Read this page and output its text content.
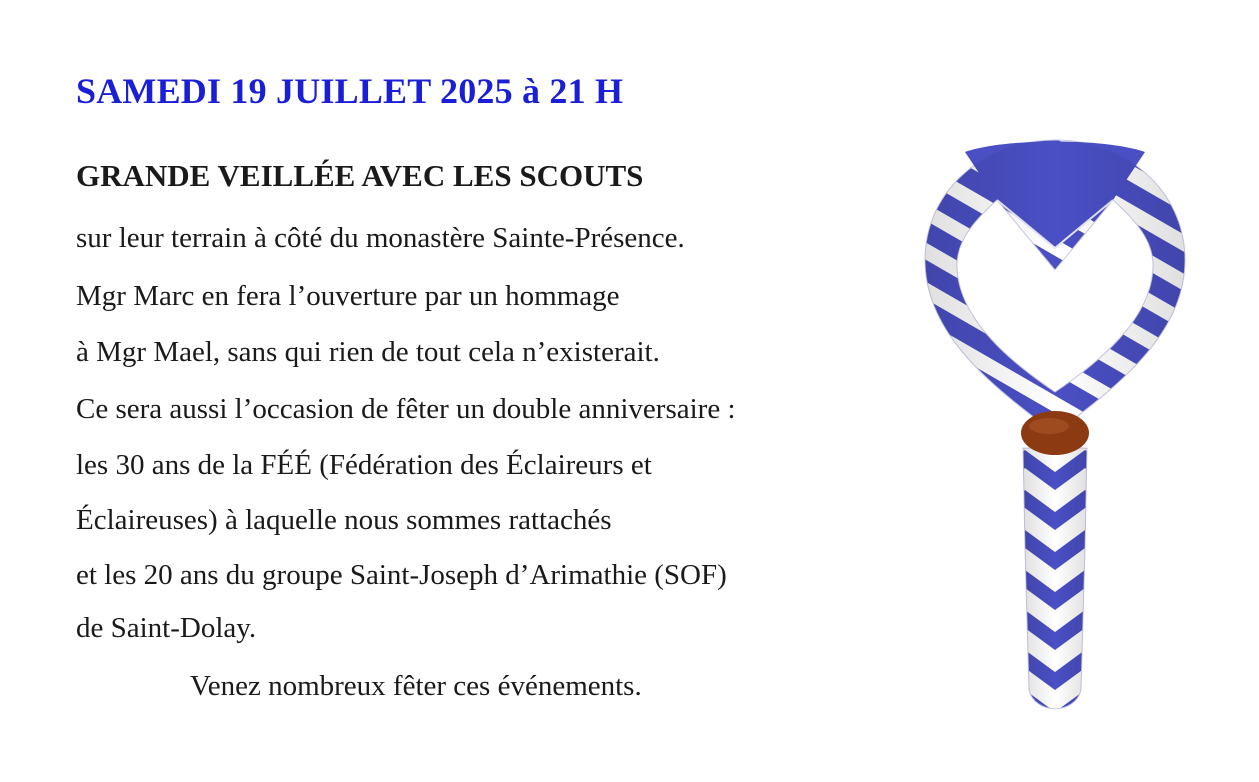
SAMEDI 19 JUILLET 2025 à 21 H
GRANDE VEILLÉE AVEC LES SCOUTS
sur leur terrain à côté du monastère Sainte-Présence.
Mgr Marc en fera l’ouverture par un hommage
à Mgr Mael, sans qui rien de tout cela n’existerait.
Ce sera aussi l’occasion de fêter un double anniversaire :
les 30 ans de la FÉÉ (Fédération des Éclaireurs et
Éclaireuses) à laquelle nous sommes rattachés
et les 20 ans du groupe Saint-Joseph d’Arimathie (SOF)
de Saint-Dolay.
Venez nombreux fêter ces événements.
